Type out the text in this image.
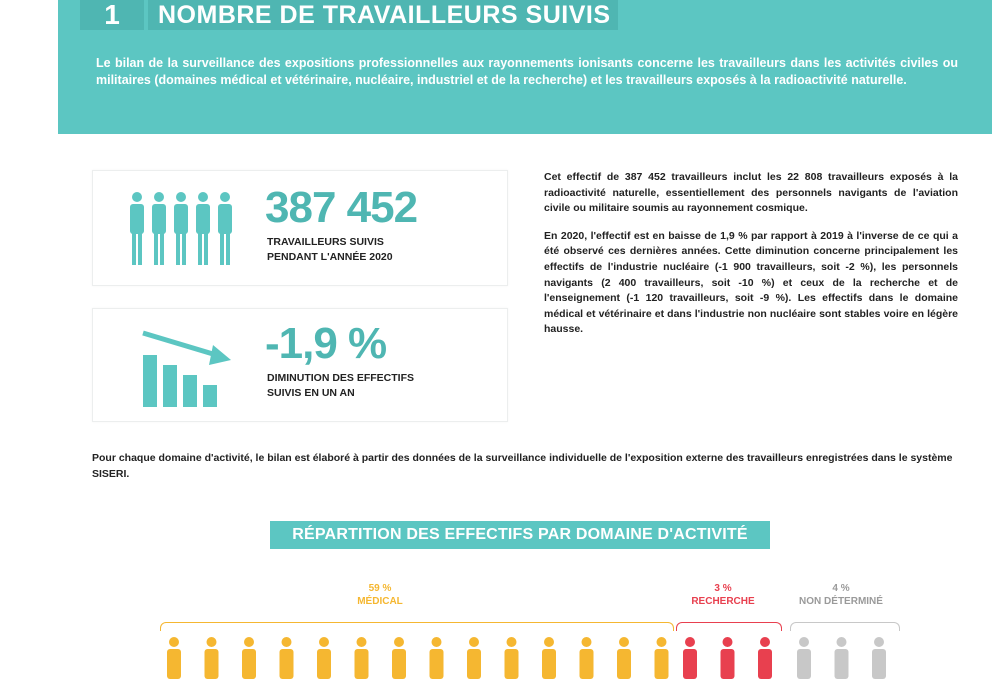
1	NOMBRE DE TRAVAILLEURS SUIVIS
Le bilan de la surveillance des expositions professionnelles aux rayonnements ionisants concerne les travailleurs dans les activités civiles ou militaires (domaines médical et vétérinaire, nucléaire, industriel et de la recherche) et les travailleurs exposés à la radioactivité naturelle.
387 452
TRAVAILLEURS SUIVIS
PENDANT L'ANNÉE 2020
-1,9 %
DIMINUTION DES EFFECTIFS
SUIVIS EN UN AN

Cet effectif de 387 452 travailleurs inclut les 22 808 travailleurs exposés à la radioactivité naturelle, essentiellement des personnels navigants de l'aviation civile ou militaire soumis au rayonnement cosmique.

En 2020, l'effectif est en baisse de 1,9 % par rapport à 2019 à l'inverse de ce qui a été observé ces dernières années. Cette diminution concerne principalement les effectifs de l'industrie nucléaire (-1 900 travailleurs, soit -2 %), les personnels navigants (2 400 travailleurs, soit -10 %) et ceux de la recherche et de l'enseignement (-1 120 travailleurs, soit -9 %). Les effectifs dans le domaine médical et vétérinaire et dans l'industrie non nucléaire sont stables voire en légère hausse.

Pour chaque domaine d'activité, le bilan est élaboré à partir des données de la surveillance individuelle de l'exposition externe des travailleurs enregistrées dans le système SISERI.
RÉPARTITION DES EFFECTIFS PAR DOMAINE D'ACTIVITÉ
59 %
MÉDICAL
3 %
RECHERCHE
4 %
NON DÉTERMINÉ
